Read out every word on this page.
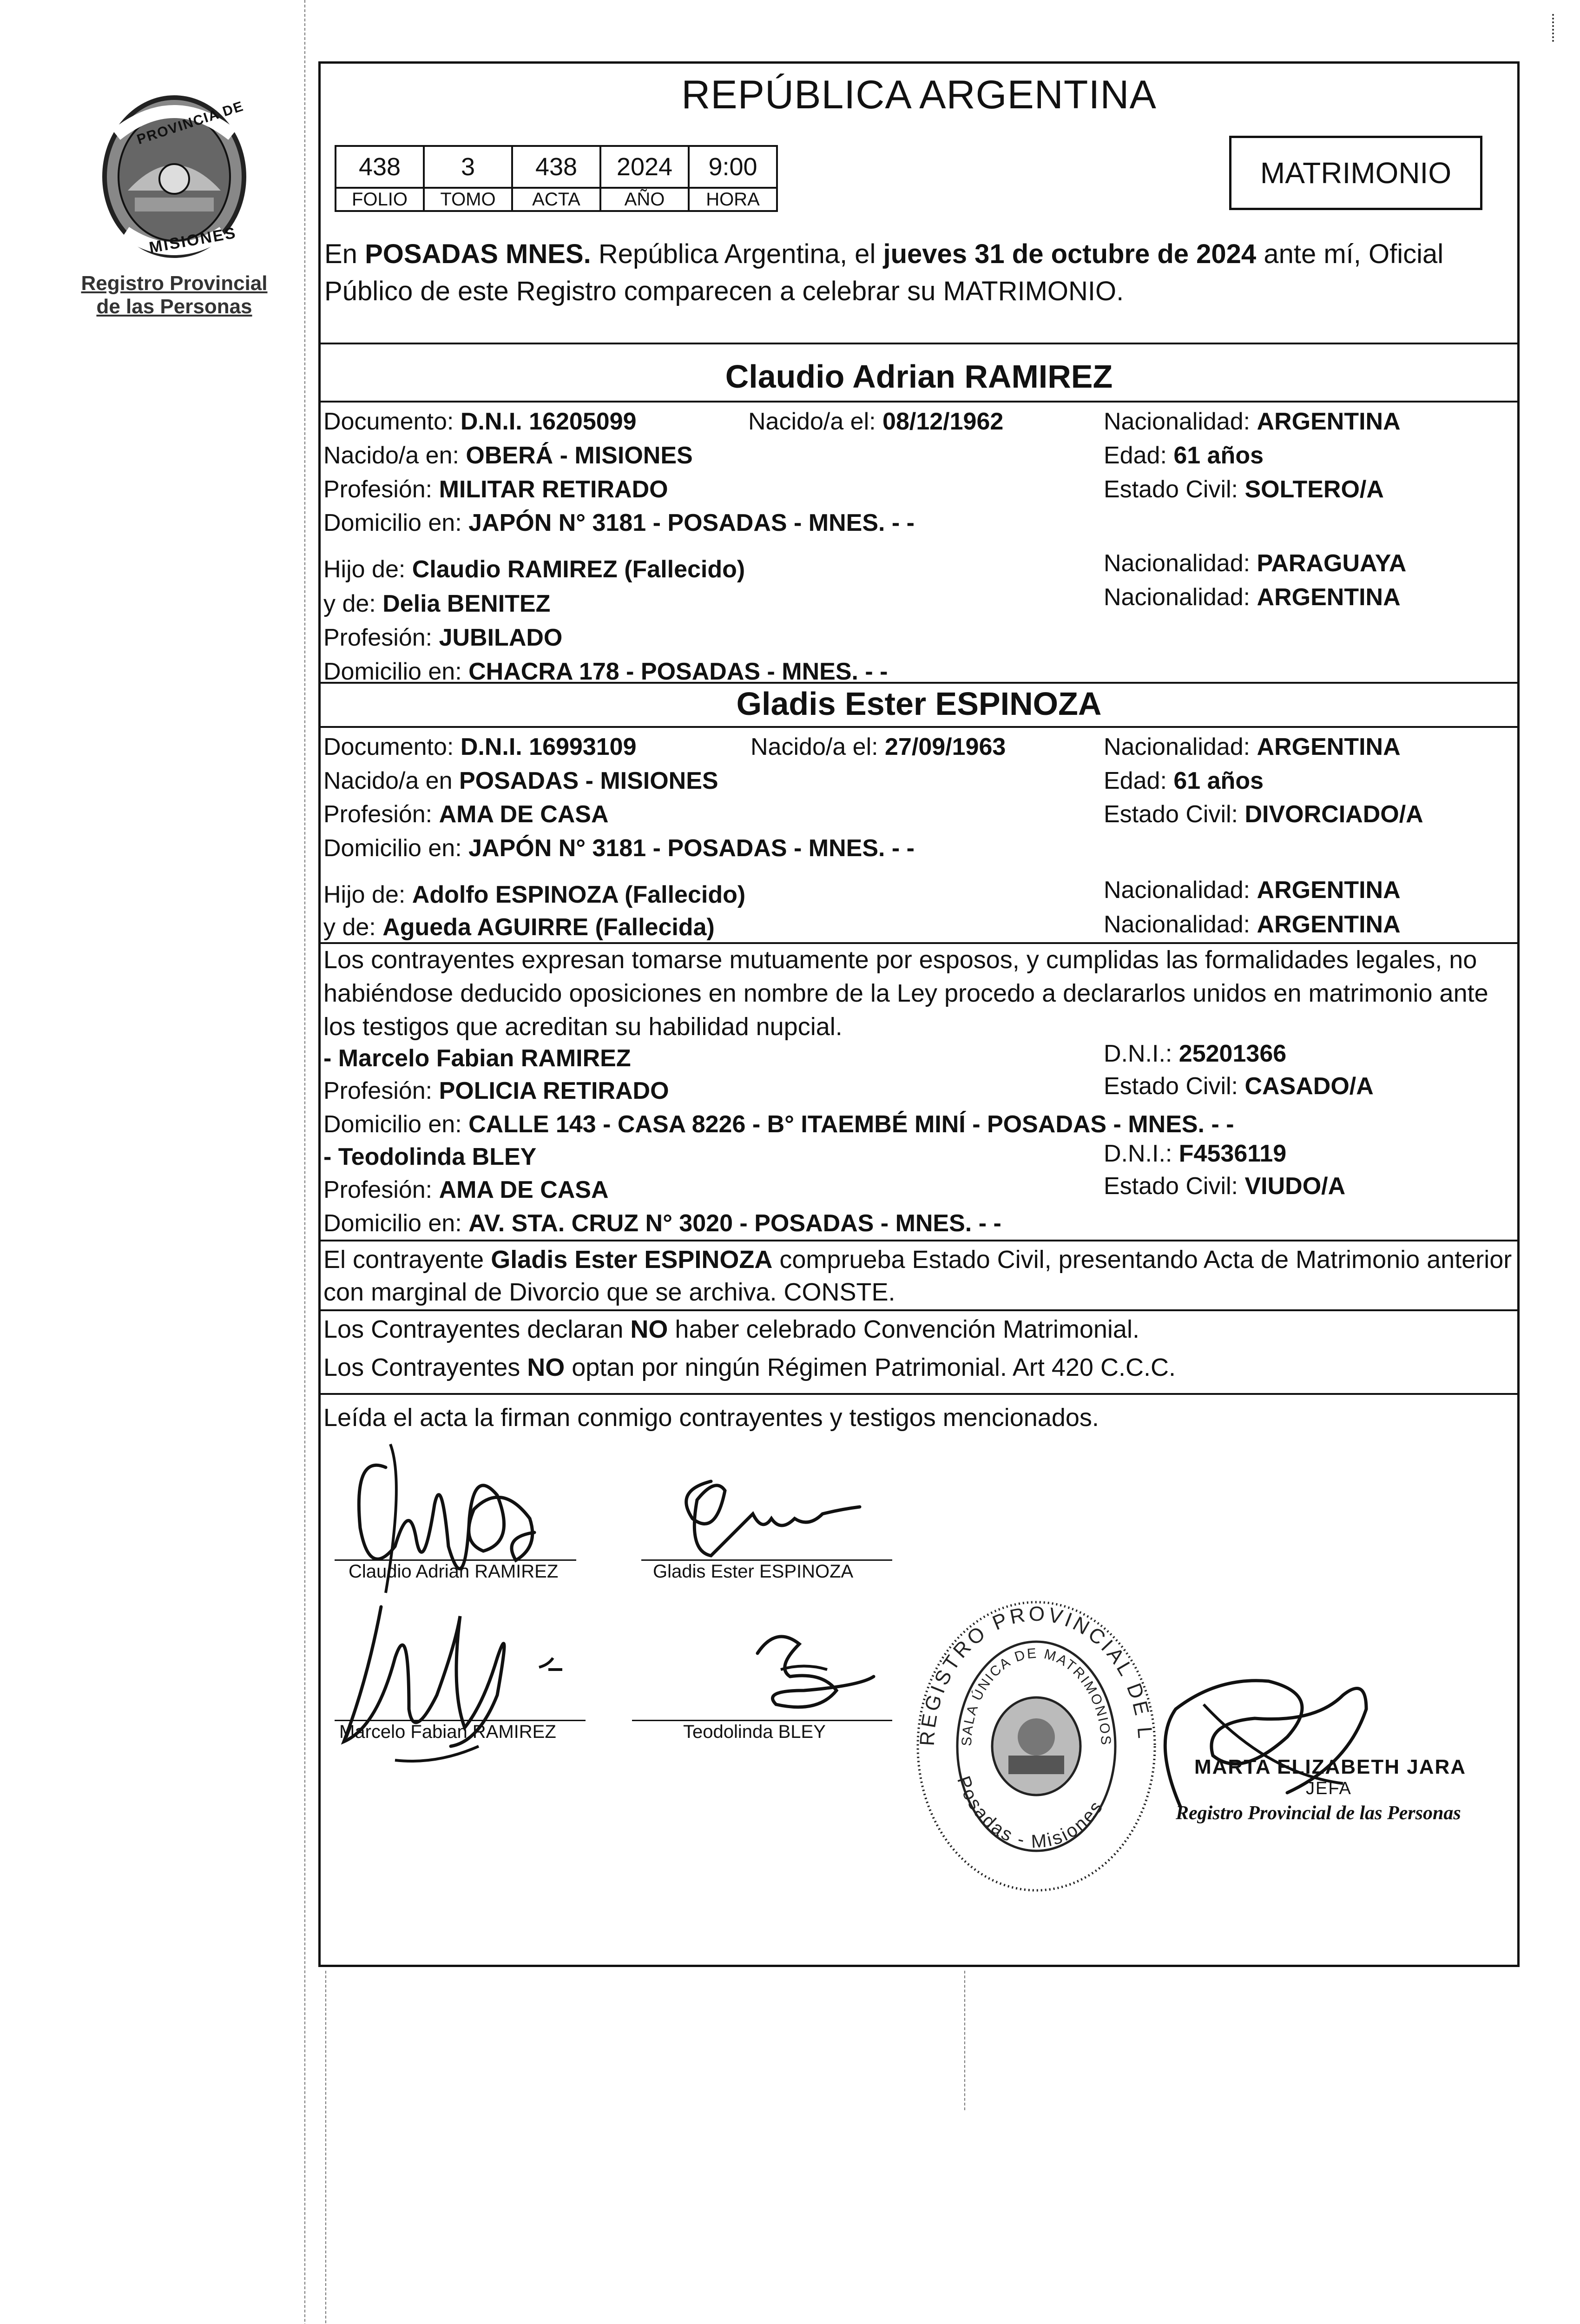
PROVINCIA DE
MISIONES
Registro Provincial
de las Personas
REPÚBLICA ARGENTINA
438	3	438	2024	9:00
FOLIO	TOMO	ACTA	AÑO	HORA
MATRIMONIO
En POSADAS MNES. República Argentina, el jueves 31 de octubre de 2024 ante mí, Oficial Público de este Registro comparecen a celebrar su MATRIMONIO.
Claudio Adrian RAMIREZ
Documento: D.N.I. 16205099	Nacido/a el: 08/12/1962	Nacionalidad: ARGENTINA
Nacido/a en: OBERÁ - MISIONES	Edad: 61 años
Profesión: MILITAR RETIRADO	Estado Civil: SOLTERO/A
Domicilio en: JAPÓN N° 3181 - POSADAS - MNES. - -
Hijo de: Claudio RAMIREZ (Fallecido)	Nacionalidad: PARAGUAYA
y de: Delia BENITEZ	Nacionalidad: ARGENTINA
Profesión: JUBILADO
Domicilio en: CHACRA 178 - POSADAS - MNES. - -
Gladis Ester ESPINOZA
Documento: D.N.I. 16993109	Nacido/a el: 27/09/1963	Nacionalidad: ARGENTINA
Nacido/a en POSADAS - MISIONES	Edad: 61 años
Profesión: AMA DE CASA	Estado Civil: DIVORCIADO/A
Domicilio en: JAPÓN N° 3181 - POSADAS - MNES. - -
Hijo de: Adolfo ESPINOZA (Fallecido)	Nacionalidad: ARGENTINA
y de: Agueda AGUIRRE (Fallecida)	Nacionalidad: ARGENTINA
Los contrayentes expresan tomarse mutuamente por esposos, y cumplidas las formalidades legales, no habiéndose deducido oposiciones en nombre de la Ley procedo a declararlos unidos en matrimonio ante los testigos que acreditan su habilidad nupcial.
- Marcelo Fabian RAMIREZ	D.N.I.: 25201366
Profesión: POLICIA RETIRADO	Estado Civil: CASADO/A
Domicilio en: CALLE 143 - CASA 8226 - B° ITAEMBÉ MINÍ - POSADAS - MNES. - -
- Teodolinda BLEY	D.N.I.: F4536119
Profesión: AMA DE CASA	Estado Civil: VIUDO/A
Domicilio en: AV. STA. CRUZ N° 3020 - POSADAS - MNES. - -
El contrayente Gladis Ester ESPINOZA comprueba Estado Civil, presentando Acta de Matrimonio anterior con marginal de Divorcio que se archiva. CONSTE.
Los Contrayentes declaran NO haber celebrado Convención Matrimonial.
Los Contrayentes NO optan por ningún Régimen Patrimonial. Art 420 C.C.C.
Leída el acta la firman conmigo contrayentes y testigos mencionados.
Claudio Adrian RAMIREZ	Gladis Ester ESPINOZA
Marcelo Fabian RAMIREZ	Teodolinda BLEY	REGISTRO PROVINCIAL DE L
SALA ÚNICA DE MATRIMONIOS
Posadas - Misiones
MARTA ELIZABETH JARA
JEFA
Registro Provincial de las Personas
